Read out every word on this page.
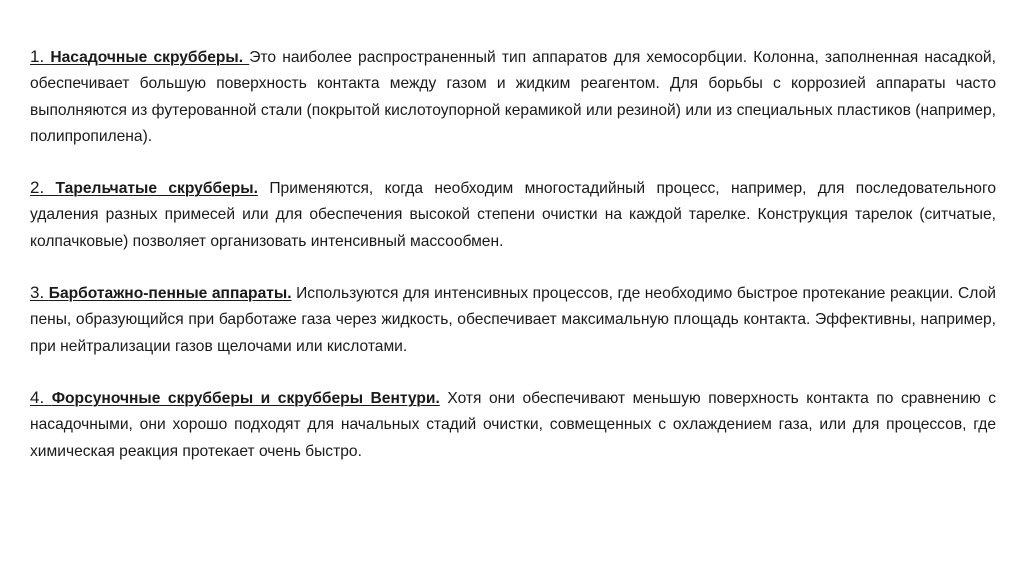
1. Насадочные скрубберы. Это наиболее распространенный тип аппаратов для хемосорбции. Колонна, заполненная насадкой, обеспечивает большую поверхность контакта между газом и жидким реагентом. Для борьбы с коррозией аппараты часто выполняются из футерованной стали (покрытой кислотоупорной керамикой или резиной) или из специальных пластиков (например, полипропилена).

2. Тарельчатые скрубберы. Применяются, когда необходим многостадийный процесс, например, для последовательного удаления разных примесей или для обеспечения высокой степени очистки на каждой тарелке. Конструкция тарелок (ситчатые, колпачковые) позволяет организовать интенсивный массообмен.

3. Барботажно-пенные аппараты. Используются для интенсивных процессов, где необходимо быстрое протекание реакции. Слой пены, образующийся при барботаже газа через жидкость, обеспечивает максимальную площадь контакта. Эффективны, например, при нейтрализации газов щелочами или кислотами.

4. Форсуночные скрубберы и скрубберы Вентури. Хотя они обеспечивают меньшую поверхность контакта по сравнению с насадочными, они хорошо подходят для начальных стадий очистки, совмещенных с охлаждением газа, или для процессов, где химическая реакция протекает очень быстро.
